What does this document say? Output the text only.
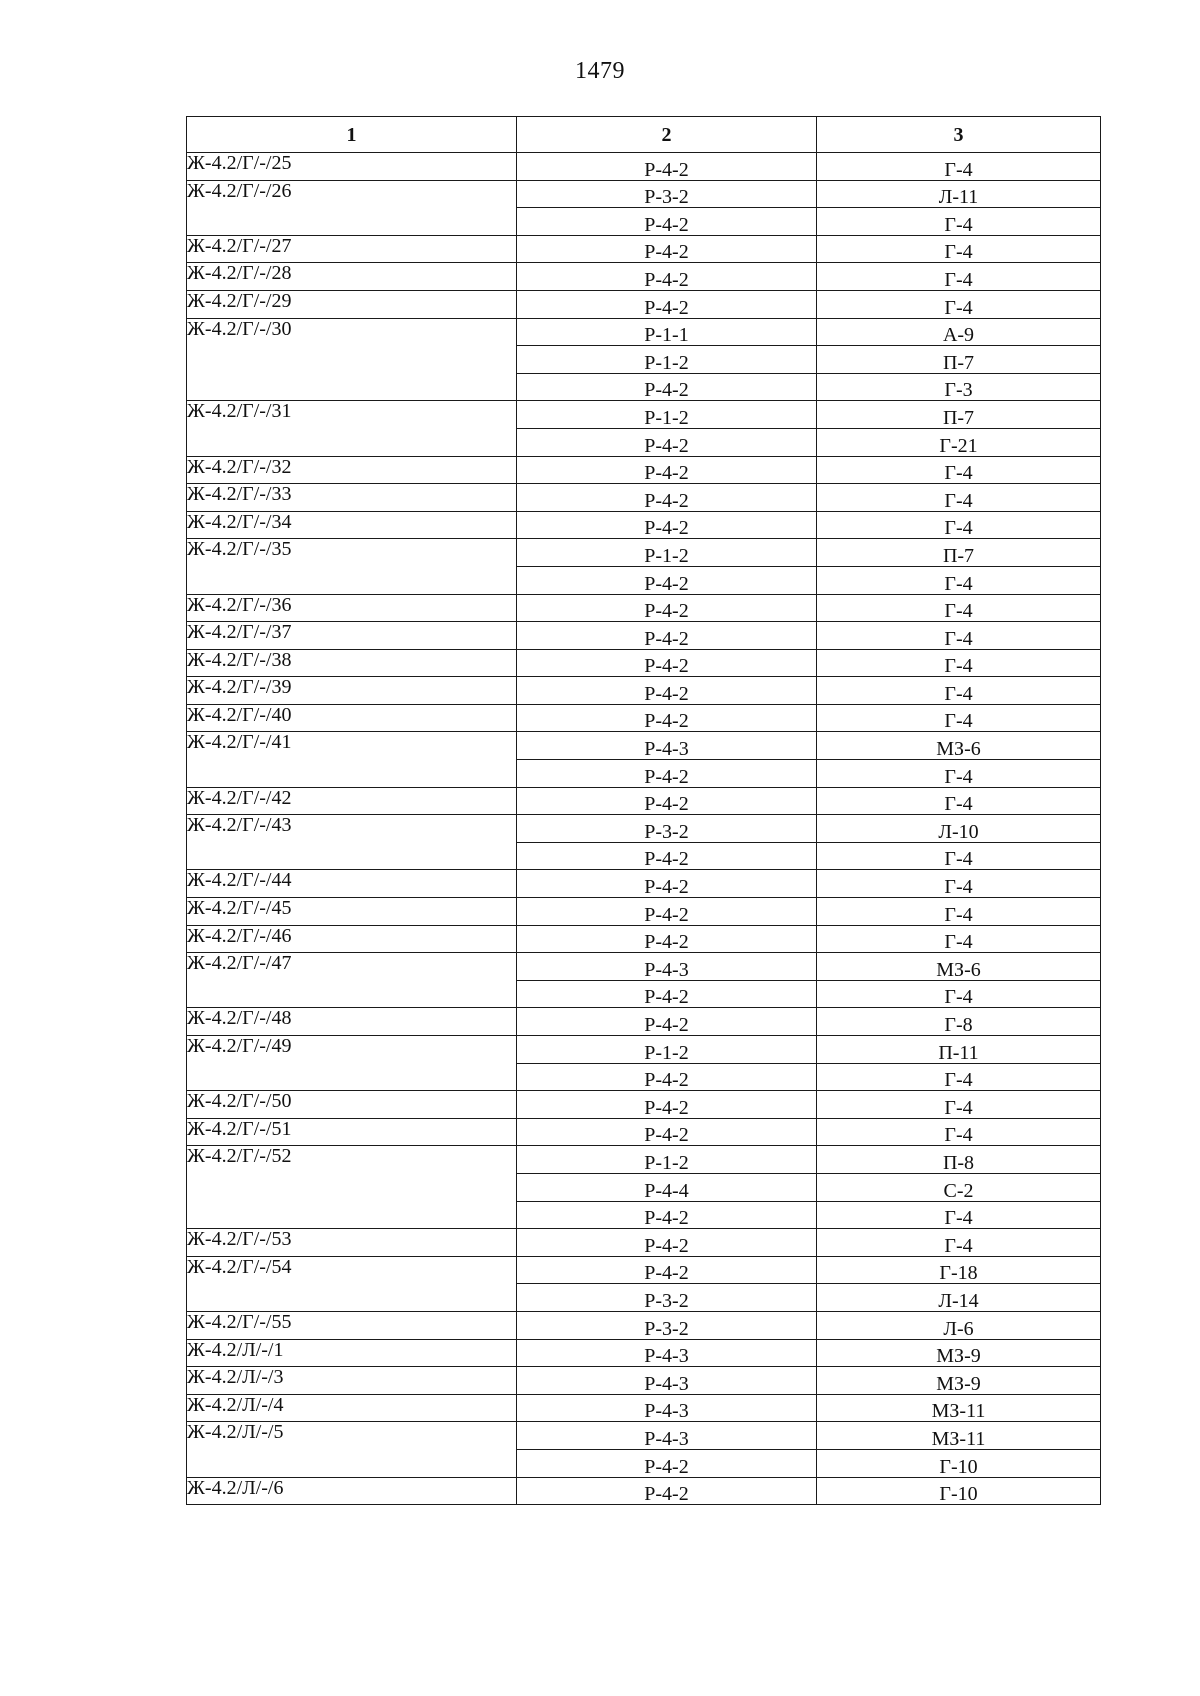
1479
1	2	3
Ж-4.2/Г/-/25	Р-4-2	Г-4
Ж-4.2/Г/-/26	Р-3-2	Л-11
	Р-4-2	Г-4
Ж-4.2/Г/-/27	Р-4-2	Г-4
Ж-4.2/Г/-/28	Р-4-2	Г-4
Ж-4.2/Г/-/29	Р-4-2	Г-4
Ж-4.2/Г/-/30	Р-1-1	А-9
	Р-1-2	П-7
	Р-4-2	Г-3
Ж-4.2/Г/-/31	Р-1-2	П-7
	Р-4-2	Г-21
Ж-4.2/Г/-/32	Р-4-2	Г-4
Ж-4.2/Г/-/33	Р-4-2	Г-4
Ж-4.2/Г/-/34	Р-4-2	Г-4
Ж-4.2/Г/-/35	Р-1-2	П-7
	Р-4-2	Г-4
Ж-4.2/Г/-/36	Р-4-2	Г-4
Ж-4.2/Г/-/37	Р-4-2	Г-4
Ж-4.2/Г/-/38	Р-4-2	Г-4
Ж-4.2/Г/-/39	Р-4-2	Г-4
Ж-4.2/Г/-/40	Р-4-2	Г-4
Ж-4.2/Г/-/41	Р-4-3	МЗ-6
	Р-4-2	Г-4
Ж-4.2/Г/-/42	Р-4-2	Г-4
Ж-4.2/Г/-/43	Р-3-2	Л-10
	Р-4-2	Г-4
Ж-4.2/Г/-/44	Р-4-2	Г-4
Ж-4.2/Г/-/45	Р-4-2	Г-4
Ж-4.2/Г/-/46	Р-4-2	Г-4
Ж-4.2/Г/-/47	Р-4-3	МЗ-6
	Р-4-2	Г-4
Ж-4.2/Г/-/48	Р-4-2	Г-8
Ж-4.2/Г/-/49	Р-1-2	П-11
	Р-4-2	Г-4
Ж-4.2/Г/-/50	Р-4-2	Г-4
Ж-4.2/Г/-/51	Р-4-2	Г-4
Ж-4.2/Г/-/52	Р-1-2	П-8
	Р-4-4	С-2
	Р-4-2	Г-4
Ж-4.2/Г/-/53	Р-4-2	Г-4
Ж-4.2/Г/-/54	Р-4-2	Г-18
	Р-3-2	Л-14
Ж-4.2/Г/-/55	Р-3-2	Л-6
Ж-4.2/Л/-/1	Р-4-3	МЗ-9
Ж-4.2/Л/-/3	Р-4-3	МЗ-9
Ж-4.2/Л/-/4	Р-4-3	МЗ-11
Ж-4.2/Л/-/5	Р-4-3	МЗ-11
	Р-4-2	Г-10
Ж-4.2/Л/-/6	Р-4-2	Г-10
